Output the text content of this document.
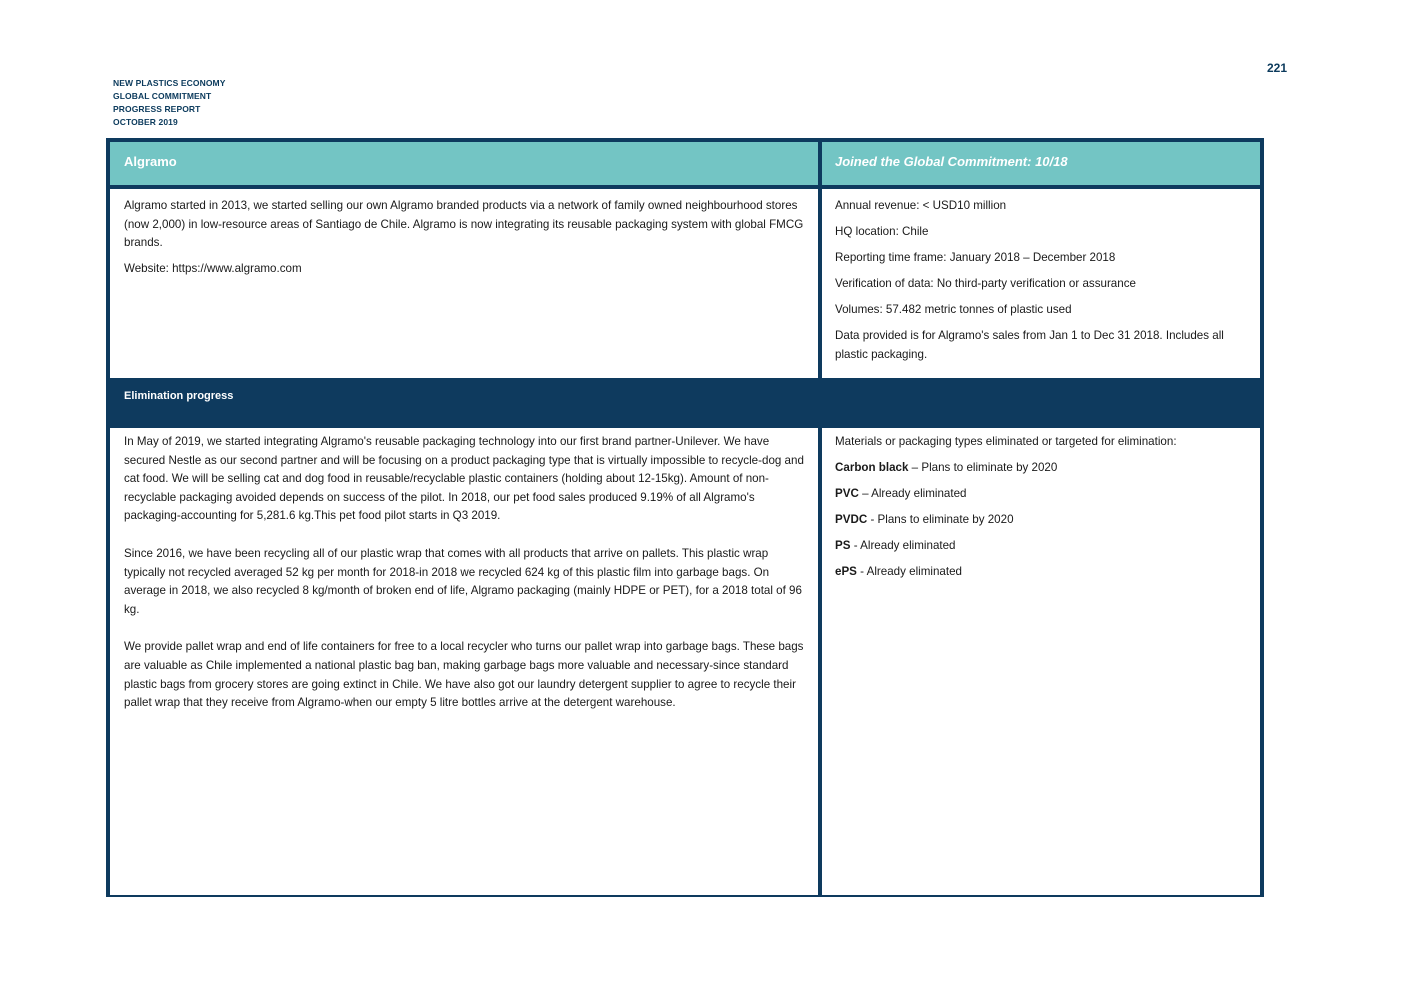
NEW PLASTICS ECONOMY
GLOBAL COMMITMENT
PROGRESS REPORT
OCTOBER 2019
221
Algramo	Joined the Global Commitment: 10/18

Algramo started in 2013, we started selling our own Algramo branded products via a network of family owned neighbourhood stores (now 2,000) in low-resource areas of Santiago de Chile. Algramo is now integrating its reusable packaging system with global FMCG brands.

Website: https://www.algramo.com

Annual revenue: < USD10 million
HQ location: Chile
Reporting time frame: January 2018 – December 2018
Verification of data: No third-party verification or assurance
Volumes: 57.482 metric tonnes of plastic used
Data provided is for Algramo's sales from Jan 1 to Dec 31 2018. Includes all plastic packaging.
Elimination progress
In May of 2019, we started integrating Algramo's reusable packaging technology into our first brand partner-Unilever. We have secured Nestle as our second partner and will be focusing on a product packaging type that is virtually impossible to recycle-dog and cat food. We will be selling cat and dog food in reusable/recyclable plastic containers (holding about 12-15kg). Amount of non-recyclable packaging avoided depends on success of the pilot. In 2018, our pet food sales produced 9.19% of all Algramo's packaging-accounting for 5,281.6 kg.This pet food pilot starts in Q3 2019.
Since 2016, we have been recycling all of our plastic wrap that comes with all products that arrive on pallets. This plastic wrap typically not recycled averaged 52 kg per month for 2018-in 2018 we recycled 624 kg of this plastic film into garbage bags. On average in 2018, we also recycled 8 kg/month of broken end of life, Algramo packaging (mainly HDPE or PET), for a 2018 total of 96 kg.
We provide pallet wrap and end of life containers for free to a local recycler who turns our pallet wrap into garbage bags. These bags are valuable as Chile implemented a national plastic bag ban, making garbage bags more valuable and necessary-since standard plastic bags from grocery stores are going extinct in Chile. We have also got our laundry detergent supplier to agree to recycle their pallet wrap that they receive from Algramo-when our empty 5 litre bottles arrive at the detergent warehouse.
Materials or packaging types eliminated or targeted for elimination:
Carbon black – Plans to eliminate by 2020
PVC – Already eliminated
PVDC - Plans to eliminate by 2020
PS - Already eliminated
ePS - Already eliminated
